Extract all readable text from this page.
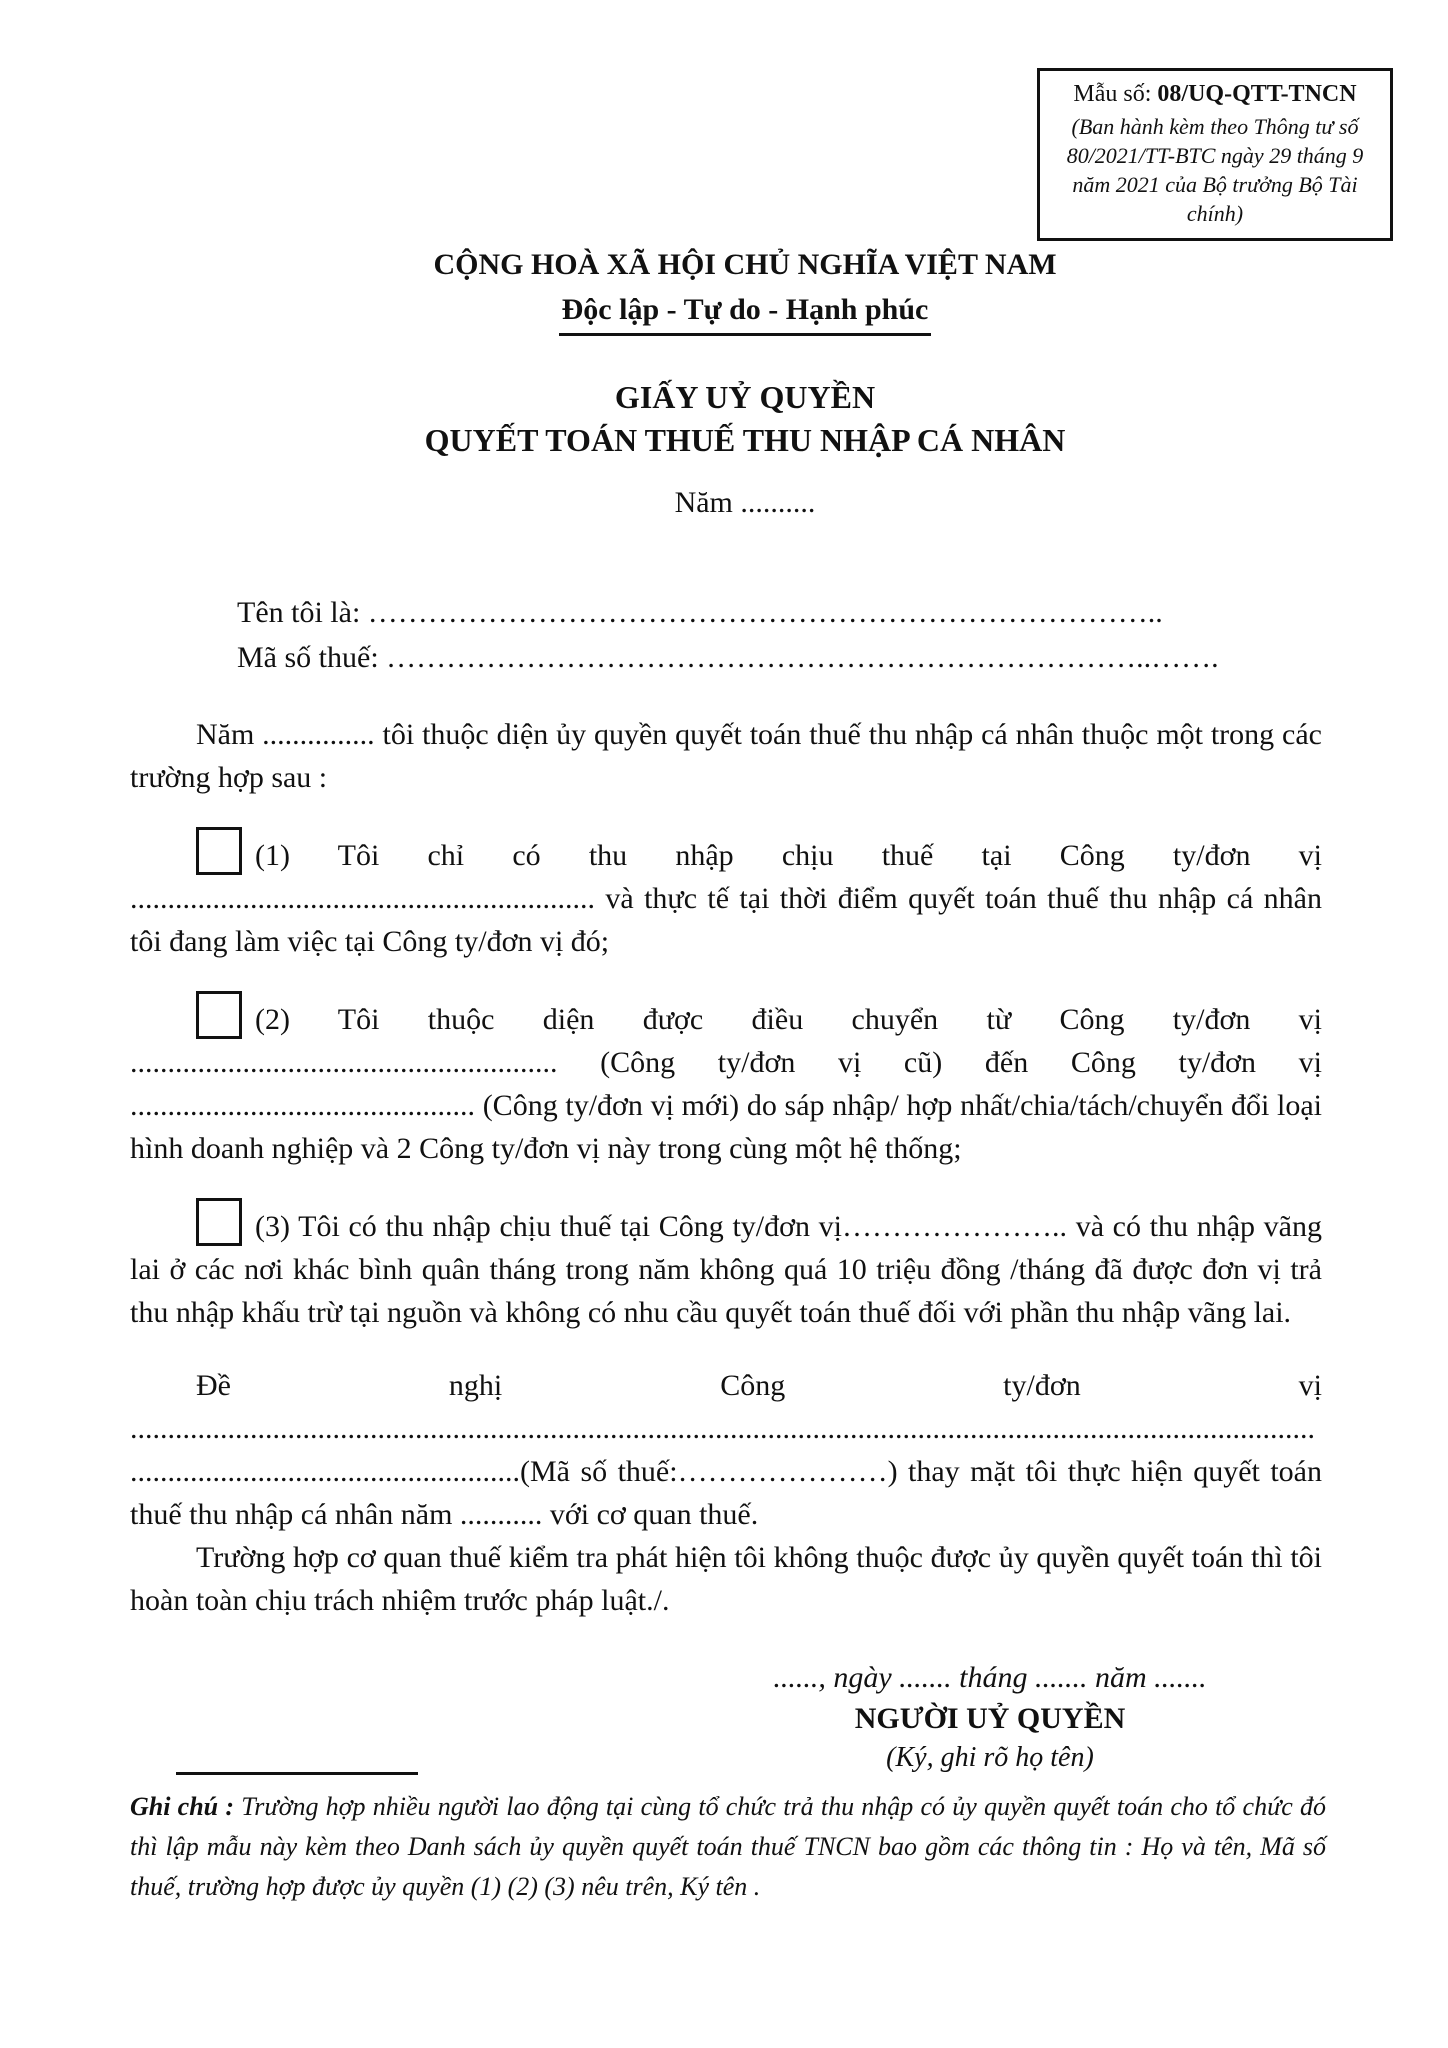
Mẫu số: 08/UQ-QTT-TNCN
(Ban hành kèm theo Thông tư số 80/2021/TT-BTC ngày 29 tháng 9 năm 2021 của Bộ trưởng Bộ Tài chính)
CỘNG HOÀ XÃ HỘI CHỦ NGHĨA VIỆT NAM
Độc lập - Tự do - Hạnh phúc
GIẤY UỶ QUYỀN
QUYẾT TOÁN THUẾ THU NHẬP CÁ NHÂN
Năm ..........
Tên tôi là: ……………………………………………………………………..
Mã số thuế: …………………………………………………………………..…….

Năm ............... tôi thuộc diện ủy quyền quyết toán thuế thu nhập cá nhân thuộc một trong các trường hợp sau :

(1) Tôi chỉ có thu nhập chịu thuế tại Công ty/đơn vị .............................................................. và thực tế tại thời điểm quyết toán thuế thu nhập cá nhân tôi đang làm việc tại Công ty/đơn vị đó;

(2) Tôi thuộc diện được điều chuyển từ Công ty/đơn vị ......................................................... (Công ty/đơn vị cũ) đến Công ty/đơn vị .............................................. (Công ty/đơn vị mới) do sáp nhập/ hợp nhất/chia/tách/chuyển đổi loại hình doanh nghiệp và 2 Công ty/đơn vị này trong cùng một hệ thống;

(3) Tôi có thu nhập chịu thuế tại Công ty/đơn vị………………….. và có thu nhập vãng lai ở các nơi khác bình quân tháng trong năm không quá 10 triệu đồng /tháng đã được đơn vị trả thu nhập khấu trừ tại nguồn và không có nhu cầu quyết toán thuế đối với phần thu nhập vãng lai.

Đề nghị Công ty/đơn vị ..................................................................................................................................................................................................................(Mã số thuế:…………………) thay mặt tôi thực hiện quyết toán thuế thu nhập cá nhân năm ........... với cơ quan thuế.

Trường hợp cơ quan thuế kiểm tra phát hiện tôi không thuộc được ủy quyền quyết toán thì tôi hoàn toàn chịu trách nhiệm trước pháp luật./.

......, ngày ....... tháng ....... năm .......
NGƯỜI UỶ QUYỀN
(Ký, ghi rõ họ tên)

Ghi chú : Trường hợp nhiều người lao động tại cùng tổ chức trả thu nhập có ủy quyền quyết toán cho tổ chức đó thì lập mẫu này kèm theo Danh sách ủy quyền quyết toán thuế TNCN bao gồm các thông tin : Họ và tên, Mã số thuế, trường hợp được ủy quyền (1) (2) (3) nêu trên, Ký tên .
